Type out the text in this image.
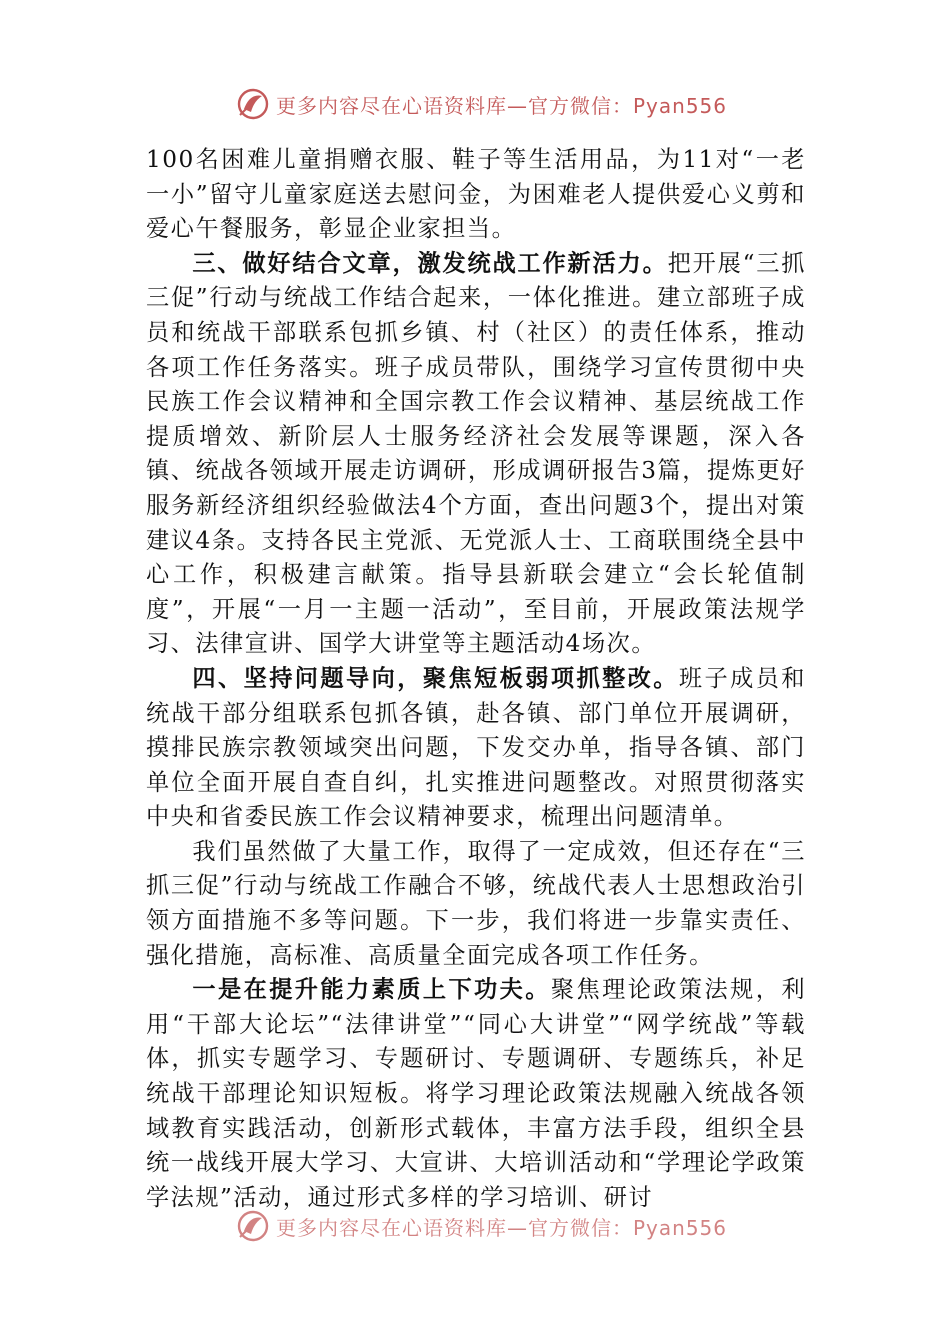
更多内容尽在心语资料库—官方微信：Pyan556

100名困难儿童捐赠衣服、鞋子等生活用品，为11对“一老一小”留守儿童家庭送去慰问金，为困难老人提供爱心义剪和爱心午餐服务，彰显企业家担当。

三、做好结合文章，激发统战工作新活力。把开展“三抓三促”行动与统战工作结合起来，一体化推进。建立部班子成员和统战干部联系包抓乡镇、村（社区）的责任体系，推动各项工作任务落实。班子成员带队，围绕学习宣传贯彻中央民族工作会议精神和全国宗教工作会议精神、基层统战工作提质增效、新阶层人士服务经济社会发展等课题，深入各镇、统战各领域开展走访调研，形成调研报告3篇，提炼更好服务新经济组织经验做法4个方面，查出问题3个，提出对策建议4条。支持各民主党派、无党派人士、工商联围绕全县中心工作，积极建言献策。指导县新联会建立“会长轮值制度”，开展“一月一主题一活动”，至目前，开展政策法规学习、法律宣讲、国学大讲堂等主题活动4场次。

四、坚持问题导向，聚焦短板弱项抓整改。班子成员和统战干部分组联系包抓各镇，赴各镇、部门单位开展调研，摸排民族宗教领域突出问题，下发交办单，指导各镇、部门单位全面开展自查自纠，扎实推进问题整改。对照贯彻落实中央和省委民族工作会议精神要求，梳理出问题清单。

我们虽然做了大量工作，取得了一定成效，但还存在“三抓三促”行动与统战工作融合不够，统战代表人士思想政治引领方面措施不多等问题。下一步，我们将进一步靠实责任、强化措施，高标准、高质量全面完成各项工作任务。

一是在提升能力素质上下功夫。聚焦理论政策法规，利用“干部大论坛”“法律讲堂”“同心大讲堂”“网学统战”等载体，抓实专题学习、专题研讨、专题调研、专题练兵，补足统战干部理论知识短板。将学习理论政策法规融入统战各领域教育实践活动，创新形式载体，丰富方法手段，组织全县统一战线开展大学习、大宣讲、大培训活动和“学理论学政策学法规”活动，通过形式多样的学习培训、研讨

更多内容尽在心语资料库—官方微信：Pyan556
